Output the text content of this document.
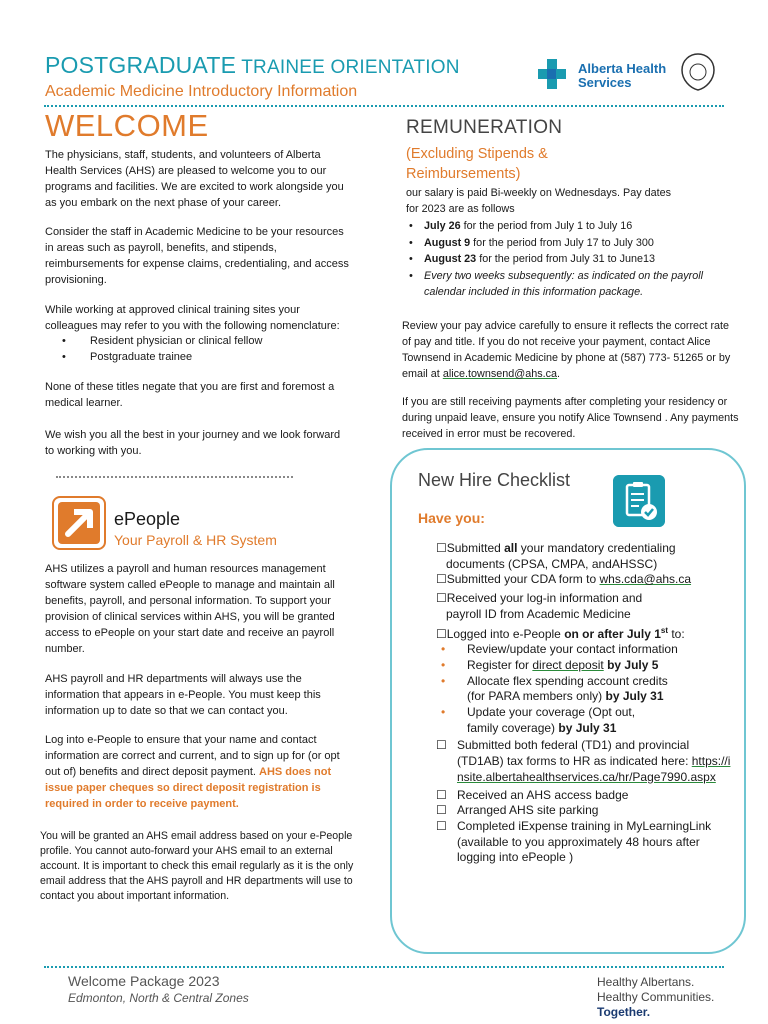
POSTGRADUATE TRAINEE ORIENTATION
Academic Medicine Introductory Information
Alberta Health
Services
WELCOME

The physicians, staff, students, and volunteers of Alberta Health Services (AHS) are pleased to welcome you to our programs and facilities. We are excited to work alongside you as you embark on the next phase of your career.

Consider the staff in Academic Medicine to be your resources in areas such as payroll, benefits, and stipends, reimbursements for expense claims, credentialing, and access provisioning.

While working at approved clinical training sites your colleagues may refer to you with the following nomenclature:

• Resident physician or clinical fellow
• Postgraduate trainee

None of these titles negate that you are first and foremost a medical learner.

We wish you all the best in your journey and we look forward to working with you.

ePeople
Your Payroll & HR System

AHS utilizes a payroll and human resources management software system called ePeople to manage and maintain all benefits, payroll, and personal information. To support your provision of clinical services within AHS, you will be granted access to ePeople on your start date and receive an payroll number.

AHS payroll and HR departments will always use the information that appears in e-People. You must keep this information up to date so that we can contact you.

Log into e-People to ensure that your name and contact information are correct and current, and to sign up for (or opt out of) benefits and direct deposit payment. AHS does not issue paper cheques so direct deposit registration is required in order to receive payment.

You will be granted an AHS email address based on your e-People profile. You cannot auto-forward your AHS email to an external account. It is important to check this email regularly as it is the only email address that the AHS payroll and HR departments will use to contact you about important information.

REMUNERATION
(Excluding Stipends & Reimbursements)

our salary is paid Bi-weekly on Wednesdays. Pay dates for 2023 are as follows

• July 26 for the period from July 1 to July 16
• August 9 for the period from July 17 to July 300
• August 23 for the period from July 31 to June13
• Every two weeks subsequently: as indicated on the payroll calendar included in this information package.

Review your pay advice carefully to ensure it reflects the correct rate of pay and title. If you do not receive your payment, contact Alice Townsend in Academic Medicine by phone at (587) 773- 51265 or by email at alice.townsend@ahs.ca.

If you are still receiving payments after completing your residency or during unpaid leave, ensure you notify Alice Townsend . Any payments received in error must be recovered.

New Hire Checklist
Have you:
☐Submitted all your mandatory credentialing
documents (CPSA, CMPA, andAHSSC)
☐Submitted your CDA form to whs.cda@ahs.ca
☐Received your log-in information and
payroll ID from Academic Medicine
☐Logged into e-People on or after July 1st to:
• Review/update your contact information
• Register for direct deposit by July 5
• Allocate flex spending account credits
(for PARA members only) by July 31
• Update your coverage (Opt out,
family coverage) by July 31
☐ Submitted both federal (TD1) and provincial (TD1AB) tax forms to HR as indicated here: https://insite.albertahealthservices.ca/hr/Page7990.aspx
☐ Received an AHS access badge
☐ Arranged AHS site parking
☐ Completed iExpense training in MyLearningLink (available to you approximately 48 hours after logging into ePeople )
Welcome Package 2023
Edmonton, North & Central Zones
Healthy Albertans.
Healthy Communities.
Together.
